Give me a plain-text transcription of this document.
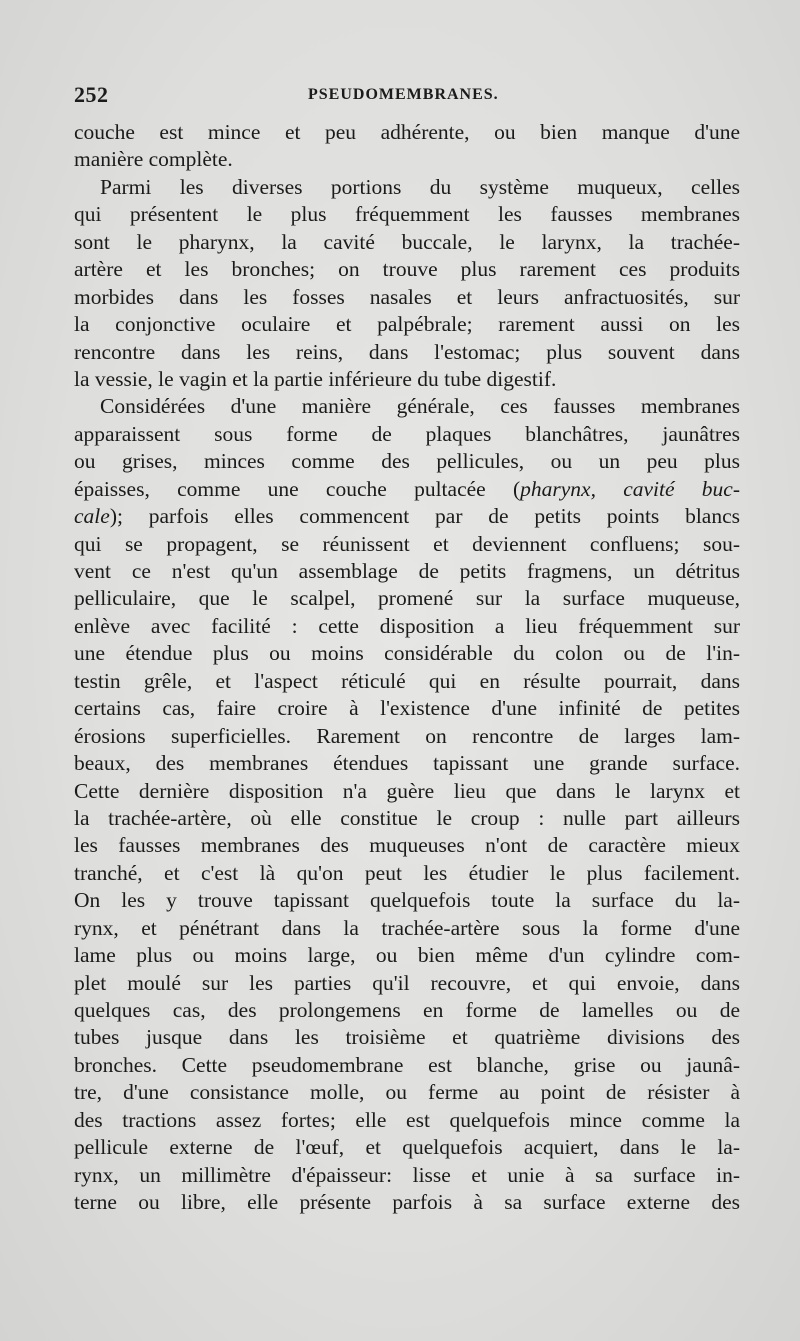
252	PSEUDOMEMBRANES.
couche est mince et peu adhérente, ou bien manque d'une
manière complète.
Parmi les diverses portions du système muqueux, celles
qui présentent le plus fréquemment les fausses membranes
sont le pharynx, la cavité buccale, le larynx, la trachée-
artère et les bronches; on trouve plus rarement ces produits
morbides dans les fosses nasales et leurs anfractuosités, sur
la conjonctive oculaire et palpébrale; rarement aussi on les
rencontre dans les reins, dans l'estomac; plus souvent dans
la vessie, le vagin et la partie inférieure du tube digestif.
Considérées d'une manière générale, ces fausses membranes
apparaissent sous forme de plaques blanchâtres, jaunâtres
ou grises, minces comme des pellicules, ou un peu plus
épaisses, comme une couche pultacée (pharynx, cavité buc-
cale); parfois elles commencent par de petits points blancs
qui se propagent, se réunissent et deviennent confluens; sou-
vent ce n'est qu'un assemblage de petits fragmens, un détritus
pelliculaire, que le scalpel, promené sur la surface muqueuse,
enlève avec facilité : cette disposition a lieu fréquemment sur
une étendue plus ou moins considérable du colon ou de l'in-
testin grêle, et l'aspect réticulé qui en résulte pourrait, dans
certains cas, faire croire à l'existence d'une infinité de petites
érosions superficielles. Rarement on rencontre de larges lam-
beaux, des membranes étendues tapissant une grande surface.
Cette dernière disposition n'a guère lieu que dans le larynx et
la trachée-artère, où elle constitue le croup : nulle part ailleurs
les fausses membranes des muqueuses n'ont de caractère mieux
tranché, et c'est là qu'on peut les étudier le plus facilement.
On les y trouve tapissant quelquefois toute la surface du la-
rynx, et pénétrant dans la trachée-artère sous la forme d'une
lame plus ou moins large, ou bien même d'un cylindre com-
plet moulé sur les parties qu'il recouvre, et qui envoie, dans
quelques cas, des prolongemens en forme de lamelles ou de
tubes jusque dans les troisième et quatrième divisions des
bronches. Cette pseudomembrane est blanche, grise ou jaunâ-
tre, d'une consistance molle, ou ferme au point de résister à
des tractions assez fortes; elle est quelquefois mince comme la
pellicule externe de l'œuf, et quelquefois acquiert, dans le la-
rynx, un millimètre d'épaisseur: lisse et unie à sa surface in-
terne ou libre, elle présente parfois à sa surface externe des
